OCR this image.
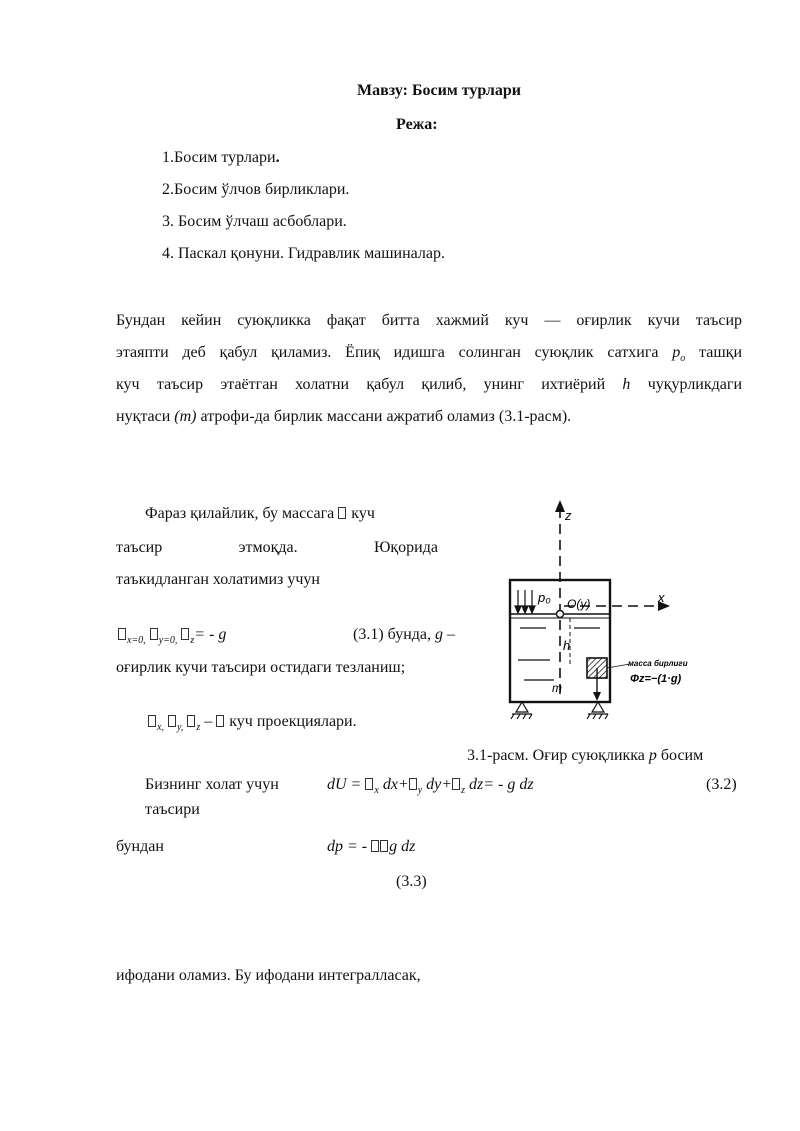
Мавзу: Босим турлари
Режа:
1.Босим турлари.
2.Босим ўлчов бирликлари.
3. Босим ўлчаш асбоблари.
4. Паскал қонуни. Гидравлик машиналар.
Бундан кейин суюқликка фақат битта хажмий куч — оғирлик кучи таъсир
этаяпти деб қабул қиламиз. Ёпиқ идишга солинган суюқлик сатхига $p_o$ ташқи
куч таъсир этаётган холатни қабул қилиб, унинг ихтиёрий h чуқурликдаги
нуқтаси (m) атрофи-да бирлик массани ажратиб оламиз (3.1-расм).
Фараз қилайлик, бу массага  куч
таъсир	этмоқда.	Юқорида
таъкидланган холатимиз учун
$_{x=0,}$ $_{y=0,}$ $_z$= - g	(3.1) бунда, g –
оғирлик кучи таъсири остидаги тезланиш;
$_{x,}$ $_{y,}$ $_z$ –  куч проекциялари.
z
x
p₀ O(y)
h
m
масса бирлиги
Φz=−(1·g)
3.1-расм. Оғир суюқликка p босим
Бизнинг холат учун
таъсири
dU = $_x$ dx+ $_y$ dy+ $_z$ dz= - g dz	(3.2)
бундан	dp = - g dz
(3.3)
ифодани оламиз. Бу ифодани интегралласак,
